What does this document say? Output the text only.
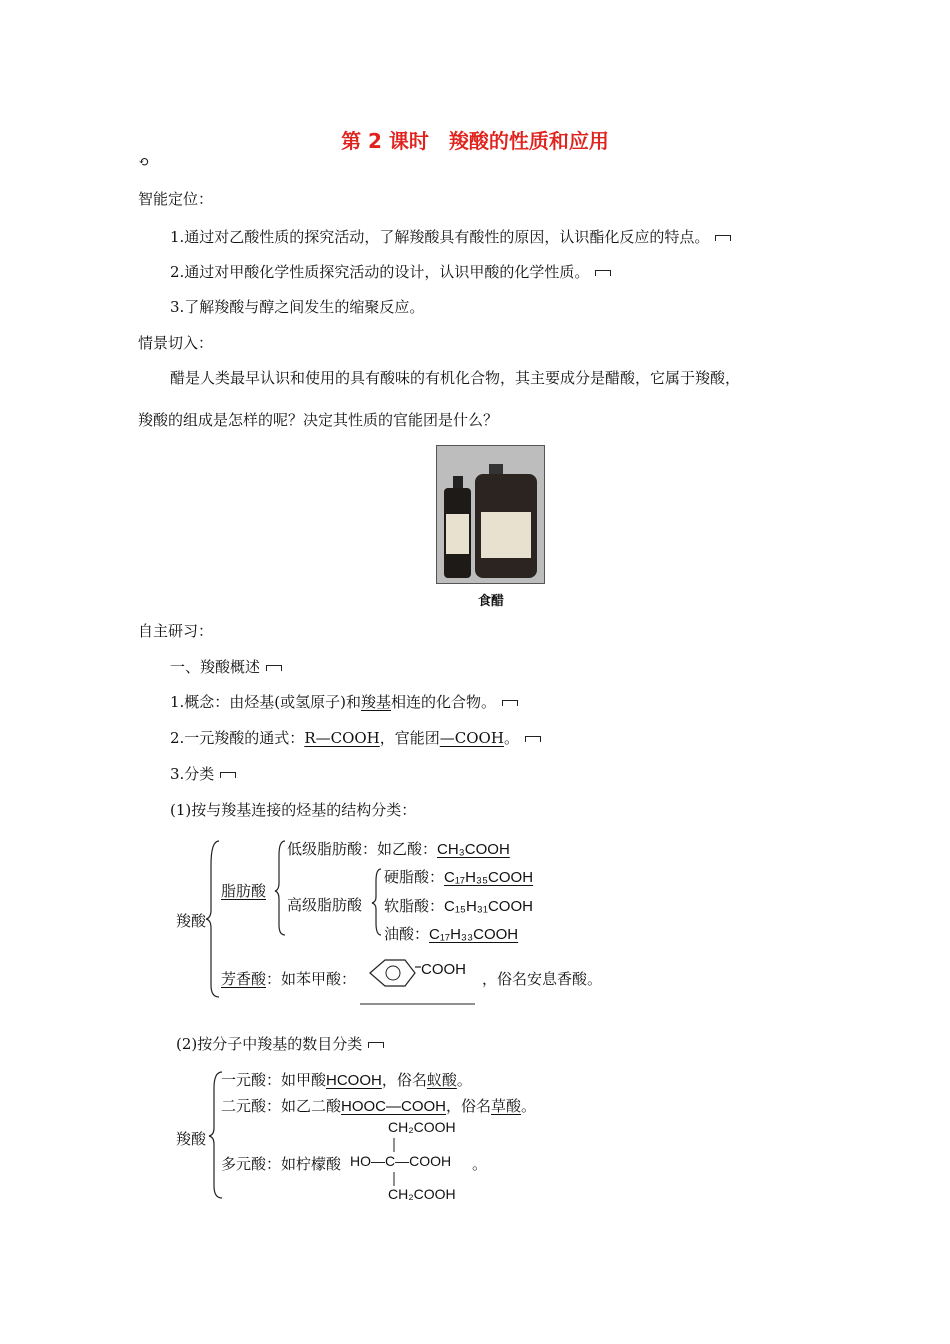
第 2 课时　羧酸的性质和应用
⟲
智能定位：
1.通过对乙酸性质的探究活动，了解羧酸具有酸性的原因，认识酯化反应的特点。
2.通过对甲酸化学性质探究活动的设计，认识甲酸的化学性质。
3.了解羧酸与醇之间发生的缩聚反应。
情景切入：
醋是人类最早认识和使用的具有酸味的有机化合物，其主要成分是醋酸，它属于羧酸，
羧酸的组成是怎样的呢？决定其性质的官能团是什么？
食醋
自主研习：
一、羧酸概述
1.概念：由烃基(或氢原子)和羧基相连的化合物。
2.一元羧酸的通式：R—COOH，官能团—COOH。
3.分类
(1)按与羧基连接的烃基的结构分类：
羧酸
脂肪酸
低级脂肪酸：如乙酸：CH₃COOH
高级脂肪酸
硬脂酸：C₁₇H₃₅COOH
软脂酸：C₁₅H₃₁COOH
油酸：C₁₇H₃₃COOH
芳香酸：如苯甲酸：
COOH
，俗名安息香酸。
(2)按分子中羧基的数目分类
羧酸
一元酸：如甲酸HCOOH，俗名蚁酸。
二元酸：如乙二酸HOOC—COOH，俗名草酸。
多元酸：如柠檬酸
CH₂COOH
HO—C—COOH
CH₂COOH
。
